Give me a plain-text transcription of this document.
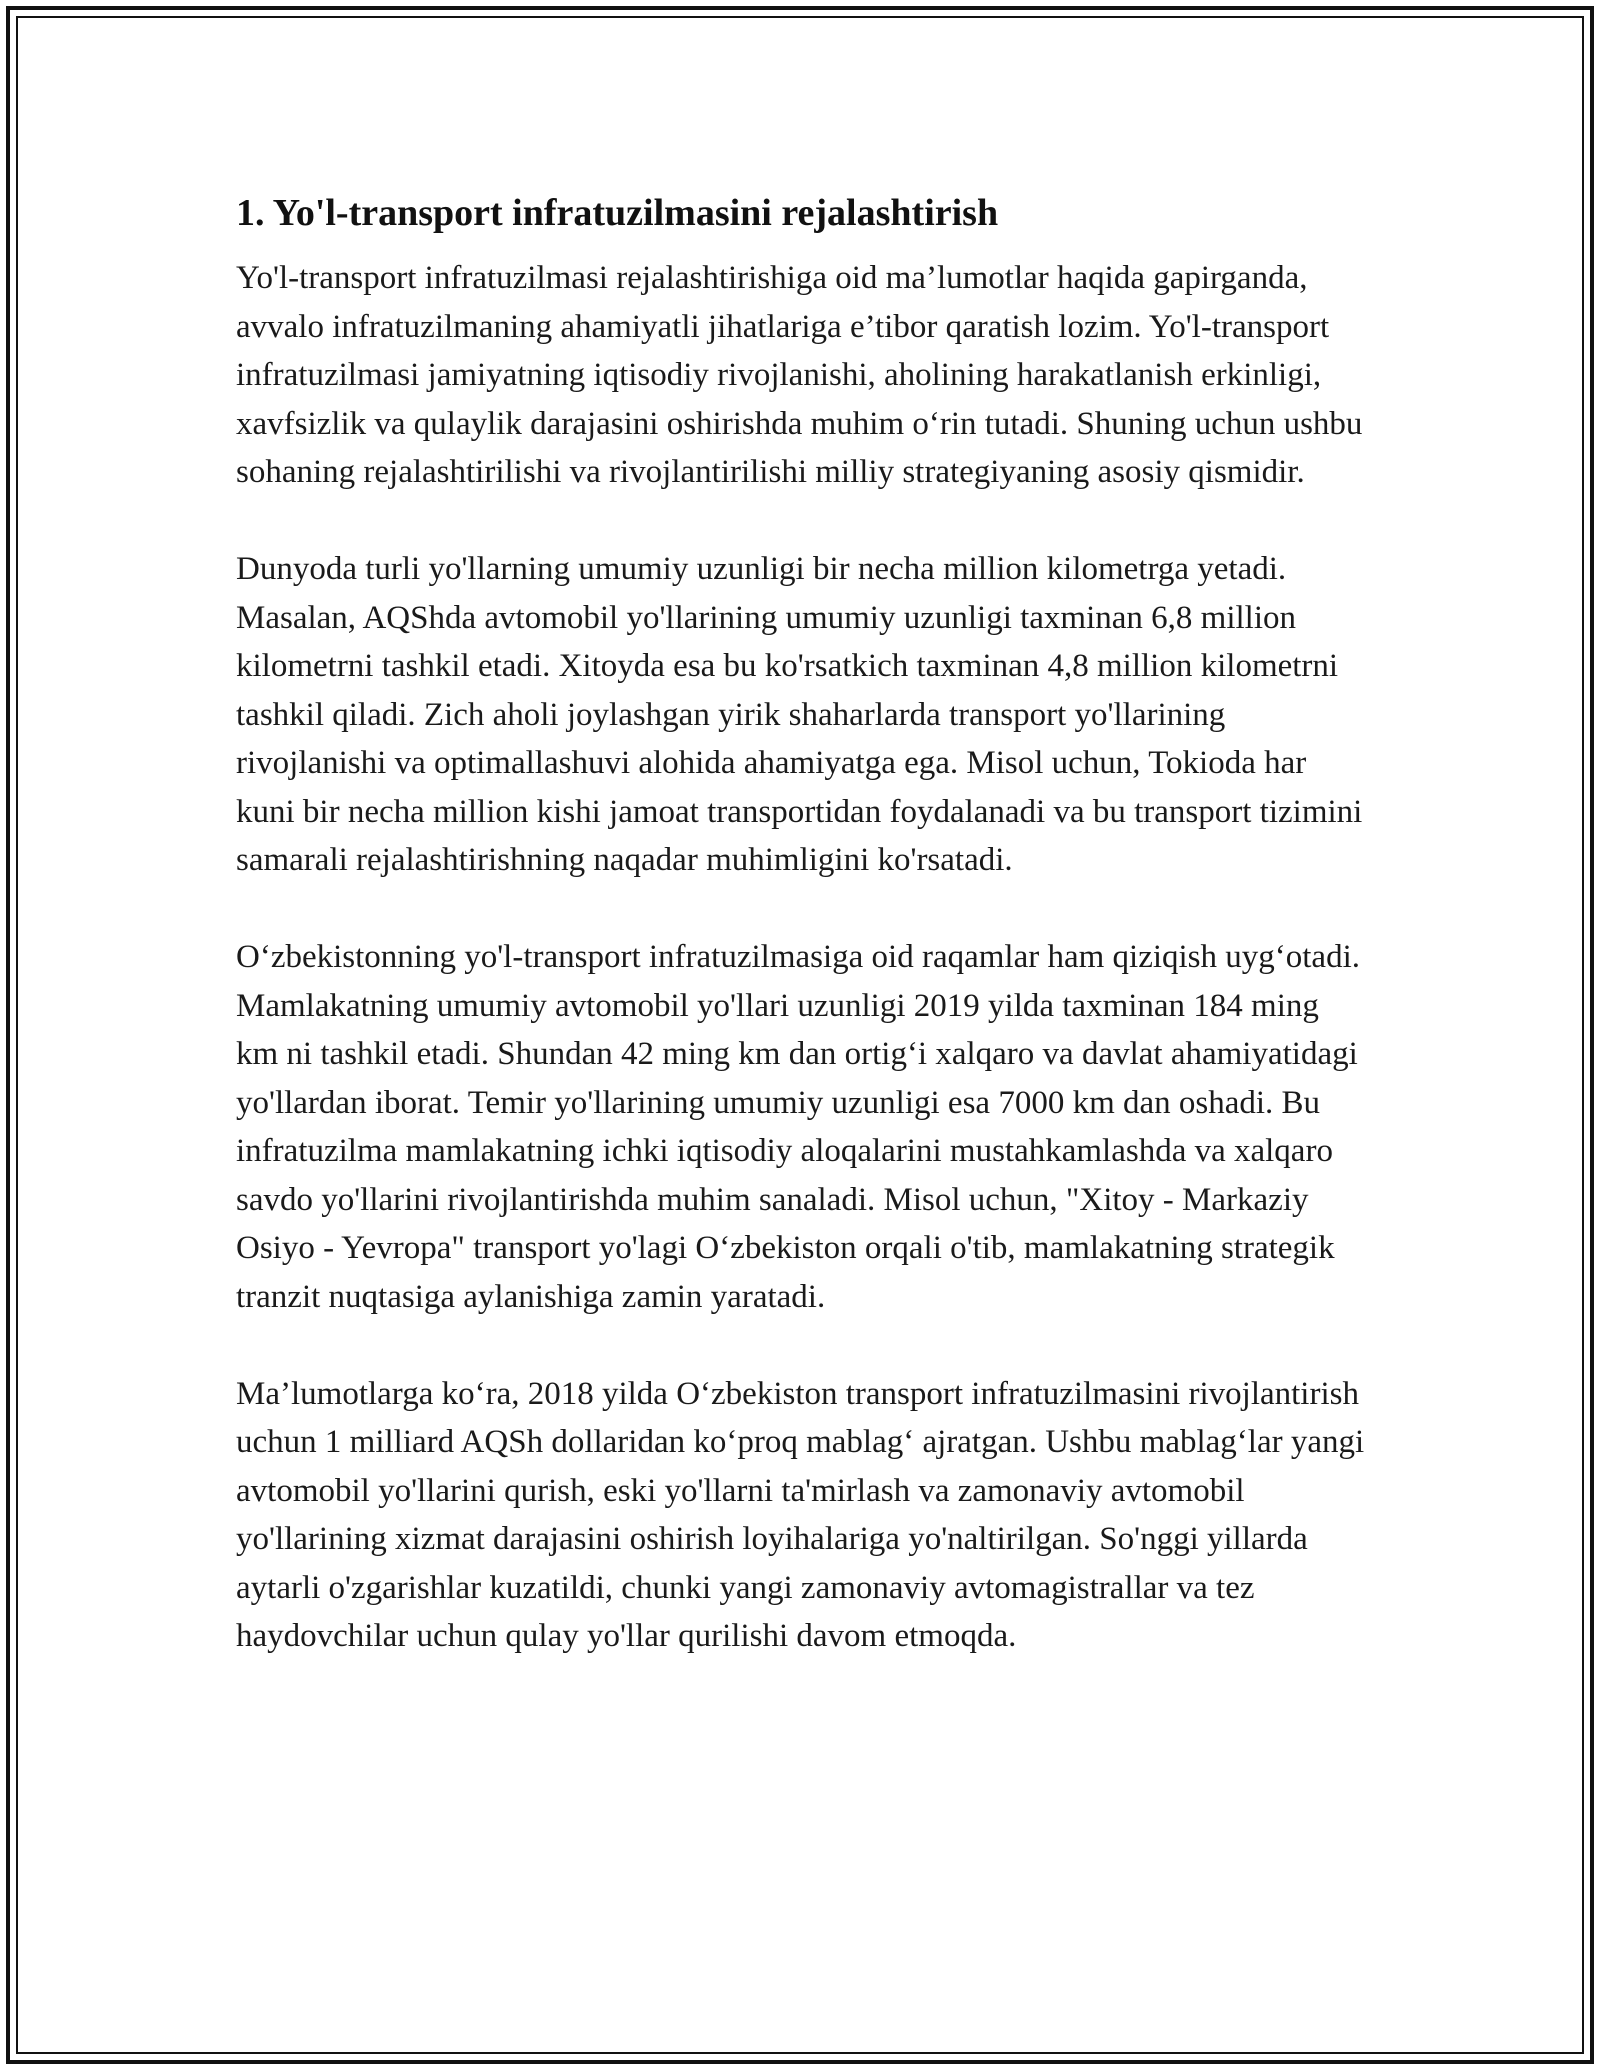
1. Yo'l-transport infratuzilmasini rejalashtirish

Yo'l-transport infratuzilmasi rejalashtirishiga oid ma’lumotlar haqida gapirganda, avvalo infratuzilmaning ahamiyatli jihatlariga e’tibor qaratish lozim. Yo'l-transport infratuzilmasi jamiyatning iqtisodiy rivojlanishi, aholining harakatlanish erkinligi, xavfsizlik va qulaylik darajasini oshirishda muhim o‘rin tutadi. Shuning uchun ushbu sohaning rejalashtirilishi va rivojlantirilishi milliy strategiyaning asosiy qismidir.

Dunyoda turli yo'llarning umumiy uzunligi bir necha million kilometrga yetadi. Masalan, AQShda avtomobil yo'llarining umumiy uzunligi taxminan 6,8 million kilometrni tashkil etadi. Xitoyda esa bu ko'rsatkich taxminan 4,8 million kilometrni tashkil qiladi. Zich aholi joylashgan yirik shaharlarda transport yo'llarining rivojlanishi va optimallashuvi alohida ahamiyatga ega. Misol uchun, Tokioda har kuni bir necha million kishi jamoat transportidan foydalanadi va bu transport tizimini samarali rejalashtirishning naqadar muhimligini ko'rsatadi.

O‘zbekistonning yo'l-transport infratuzilmasiga oid raqamlar ham qiziqish uyg‘otadi. Mamlakatning umumiy avtomobil yo'llari uzunligi 2019 yilda taxminan 184 ming km ni tashkil etadi. Shundan 42 ming km dan ortig‘i xalqaro va davlat ahamiyatidagi yo'llardan iborat. Temir yo'llarining umumiy uzunligi esa 7000 km dan oshadi. Bu infratuzilma mamlakatning ichki iqtisodiy aloqalarini mustahkamlashda va xalqaro savdo yo'llarini rivojlantirishda muhim sanaladi. Misol uchun, "Xitoy - Markaziy Osiyo - Yevropa" transport yo'lagi O‘zbekiston orqali o'tib, mamlakatning strategik tranzit nuqtasiga aylanishiga zamin yaratadi.

Ma’lumotlarga ko‘ra, 2018 yilda O‘zbekiston transport infratuzilmasini rivojlantirish uchun 1 milliard AQSh dollaridan ko‘proq mablag‘ ajratgan. Ushbu mablag‘lar yangi avtomobil yo'llarini qurish, eski yo'llarni ta'mirlash va zamonaviy avtomobil yo'llarining xizmat darajasini oshirish loyihalariga yo'naltirilgan. So'nggi yillarda aytarli o'zgarishlar kuzatildi, chunki yangi zamonaviy avtomagistrallar va tez haydovchilar uchun qulay yo'llar qurilishi davom etmoqda.
